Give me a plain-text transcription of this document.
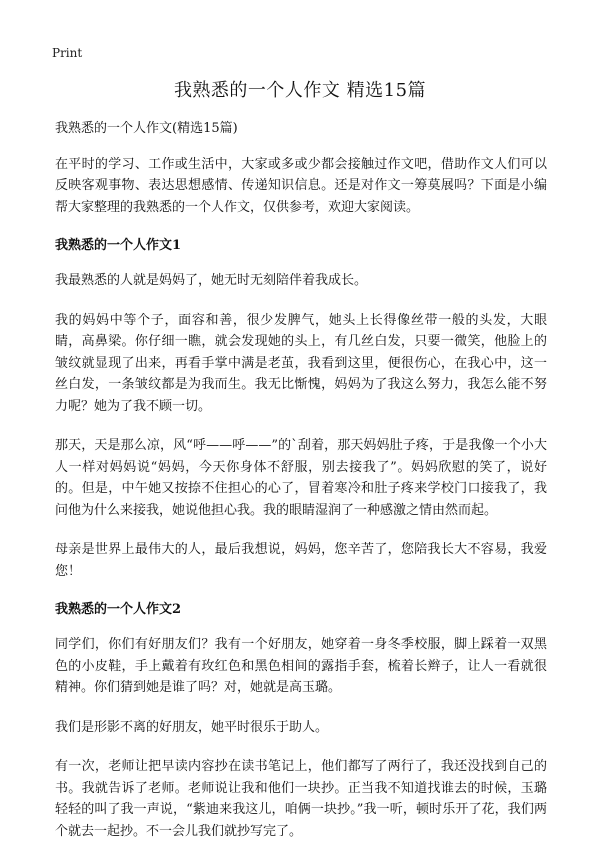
Print
我熟悉的一个人作文 精选15篇

我熟悉的一个人作文(精选15篇)

在平时的学习、工作或生活中，大家或多或少都会接触过作文吧，借助作文人们可以反映客观事物、表达思想感情、传递知识信息。还是对作文一筹莫展吗？下面是小编帮大家整理的我熟悉的一个人作文，仅供参考，欢迎大家阅读。

我熟悉的一个人作文1

我最熟悉的人就是妈妈了，她无时无刻陪伴着我成长。

我的妈妈中等个子，面容和善，很少发脾气，她头上长得像丝带一般的头发，大眼睛，高鼻梁。你仔细一瞧，就会发现她的头上，有几丝白发，只要一微笑，他脸上的皱纹就显现了出来，再看手掌中满是老茧，我看到这里，便很伤心，在我心中，这一丝白发，一条皱纹都是为我而生。我无比惭愧，妈妈为了我这么努力，我怎么能不努力呢？她为了我不顾一切。

那天，天是那么凉，风“呼——呼——”的`刮着，那天妈妈肚子疼，于是我像一个小大人一样对妈妈说“妈妈，今天你身体不舒服，别去接我了”。妈妈欣慰的笑了，说好的。但是，中午她又按捺不住担心的心了，冒着寒冷和肚子疼来学校门口接我了，我问他为什么来接我，她说他担心我。我的眼睛湿润了一种感激之情由然而起。

母亲是世界上最伟大的人，最后我想说，妈妈，您辛苦了，您陪我长大不容易，我爱您！

我熟悉的一个人作文2

同学们，你们有好朋友们？我有一个好朋友，她穿着一身冬季校服，脚上踩着一双黑色的小皮鞋，手上戴着有玫红色和黑色相间的露指手套，梳着长辫子，让人一看就很精神。你们猜到她是谁了吗？对，她就是高玉璐。

我们是形影不离的好朋友，她平时很乐于助人。

有一次，老师让把早读内容抄在读书笔记上，他们都写了两行了，我还没找到自己的书。我就告诉了老师。老师说让我和他们一块抄。正当我不知道找谁去的时候，玉璐轻轻的叫了我一声说，“紫迪来我这儿，咱俩一块抄。”我一听，顿时乐开了花，我们两个就去一起抄。不一会儿我们就抄写完了。
